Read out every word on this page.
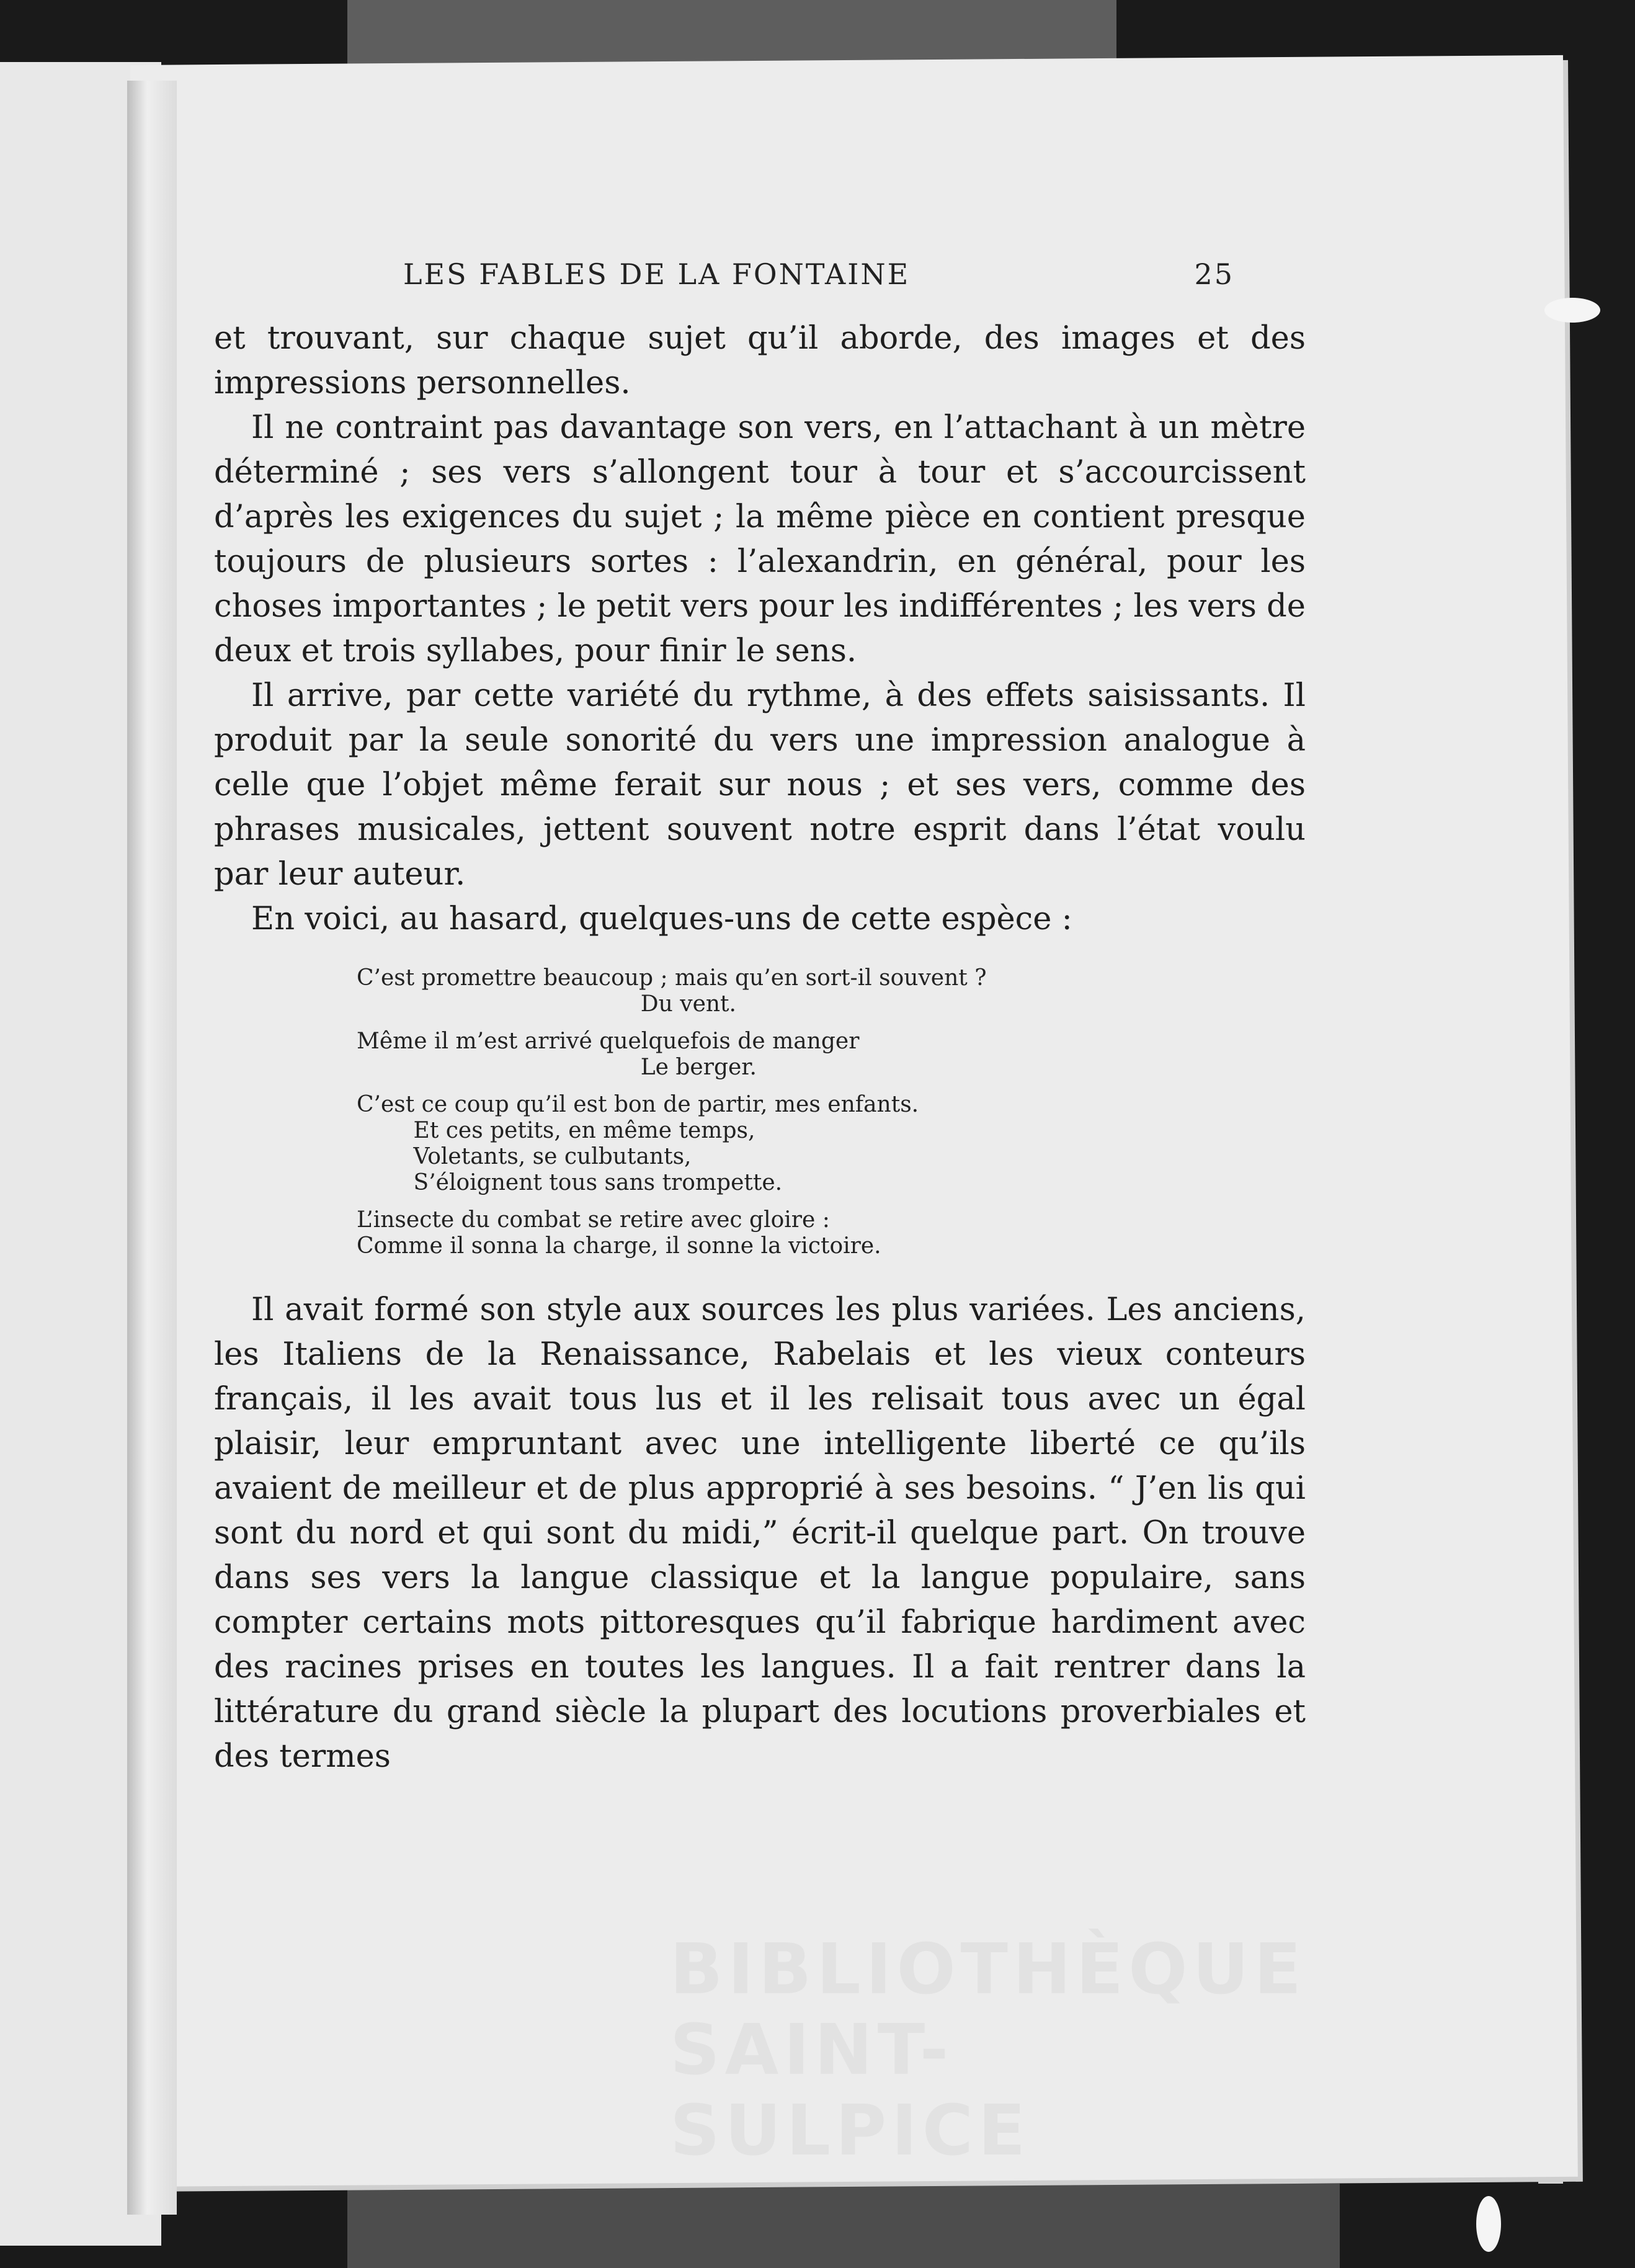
LES FABLES DE LA FONTAINE	25

et trouvant, sur chaque sujet qu’il aborde, des images et des impressions personnelles.

Il ne contraint pas davantage son vers, en l’attachant à un mètre déterminé ; ses vers s’allongent tour à tour et s’accourcissent d’après les exigences du sujet ; la même pièce en contient presque toujours de plusieurs sortes : l’alexandrin, en général, pour les choses importantes ; le petit vers pour les indifférentes ; les vers de deux et trois syllabes, pour finir le sens.

Il arrive, par cette variété du rythme, à des effets saisissants. Il produit par la seule sonorité du vers une impression analogue à celle que l’objet même ferait sur nous ; et ses vers, comme des phrases musicales, jettent souvent notre esprit dans l’état voulu par leur auteur.

En voici, au hasard, quelques-uns de cette espèce :

C’est promettre beaucoup ; mais qu’en sort-il souvent ?
Du vent.
Même il m’est arrivé quelquefois de manger
Le berger.
C’est ce coup qu’il est bon de partir, mes enfants.
Et ces petits, en même temps,
Voletants, se culbutants,
S’éloignent tous sans trompette.
L’insecte du combat se retire avec gloire :
Comme il sonna la charge, il sonne la victoire.

Il avait formé son style aux sources les plus variées. Les anciens, les Italiens de la Renaissance, Rabelais et les vieux conteurs français, il les avait tous lus et il les relisait tous avec un égal plaisir, leur empruntant avec une intelligente liberté ce qu’ils avaient de meilleur et de plus approprié à ses besoins. “ J’en lis qui sont du nord et qui sont du midi,” écrit-il quelque part. On trouve dans ses vers la langue classique et la langue populaire, sans compter certains mots pittoresques qu’il fabrique hardiment avec des racines prises en toutes les langues. Il a fait rentrer dans la littérature du grand siècle la plupart des locutions proverbiales et des termes

BIBLIOTHÈQUE
SAINT-SULPICE
